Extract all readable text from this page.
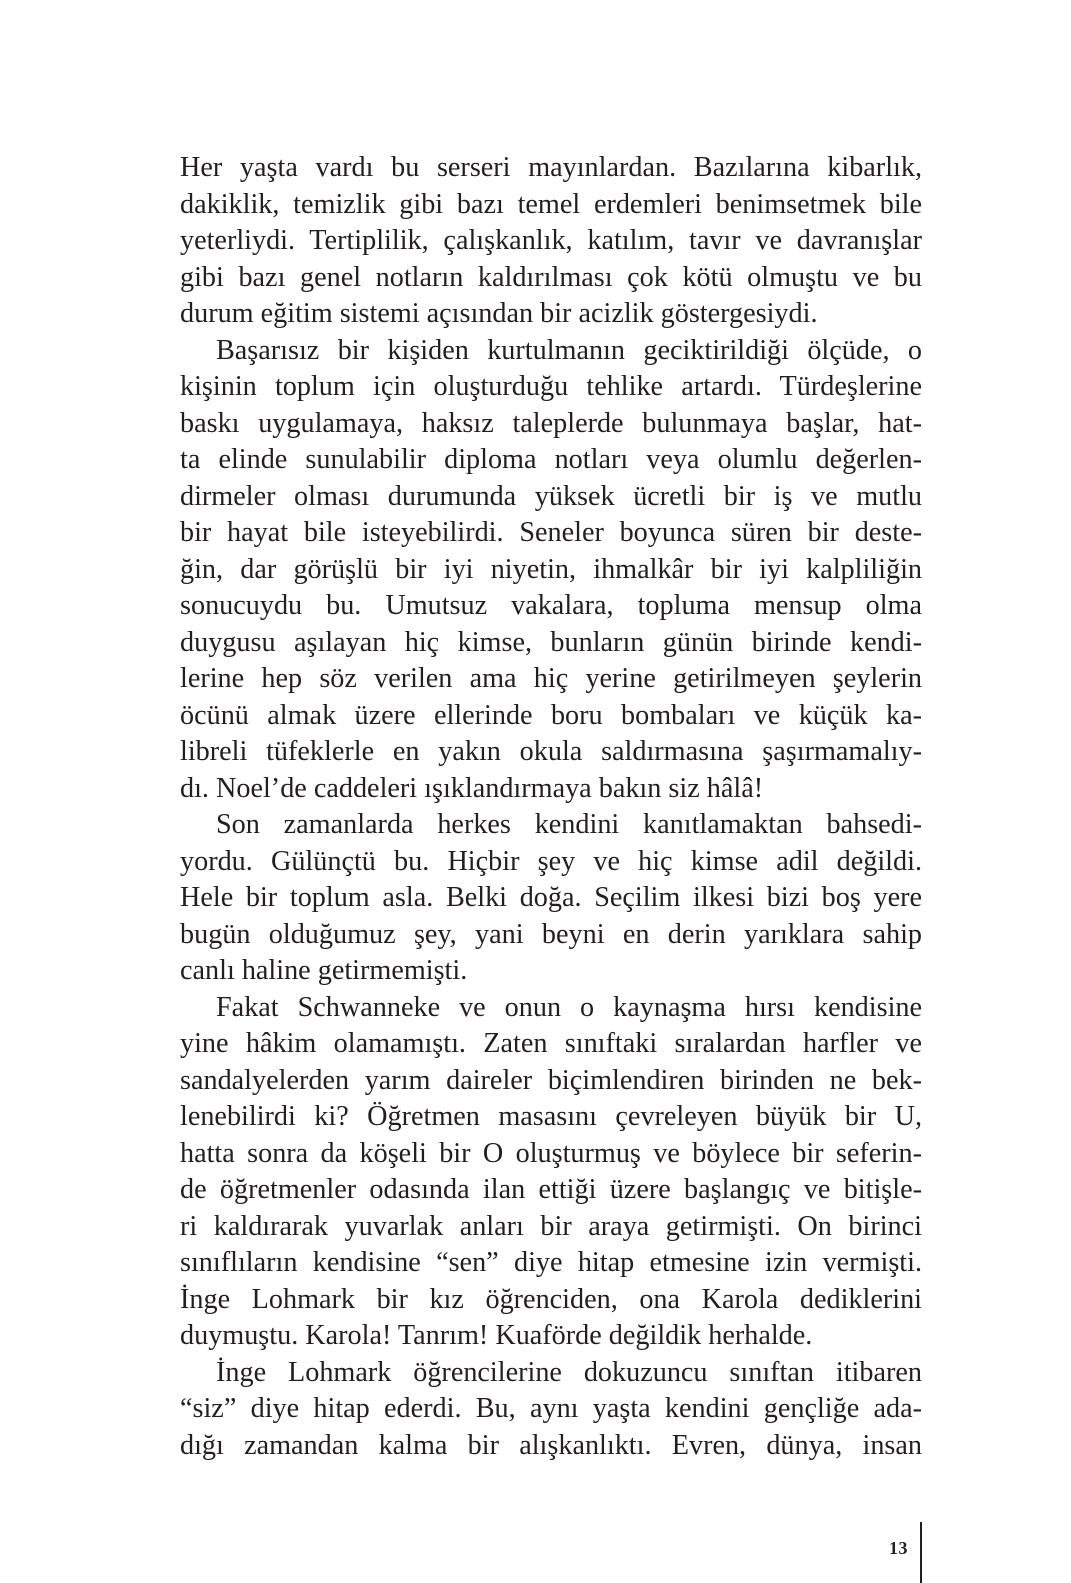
Her yaşta vardı bu serseri mayınlardan. Bazılarına kibarlık,
dakiklik, temizlik gibi bazı temel erdemleri benimsetmek bile
yeterliydi. Tertiplilik, çalışkanlık, katılım, tavır ve davranışlar
gibi bazı genel notların kaldırılması çok kötü olmuştu ve bu
durum eğitim sistemi açısından bir acizlik göstergesiydi.
Başarısız bir kişiden kurtulmanın geciktirildiği ölçüde, o
kişinin toplum için oluşturduğu tehlike artardı. Türdeşlerine
baskı uygulamaya, haksız taleplerde bulunmaya başlar, hat-
ta elinde sunulabilir diploma notları veya olumlu değerlen-
dirmeler olması durumunda yüksek ücretli bir iş ve mutlu
bir hayat bile isteyebilirdi. Seneler boyunca süren bir deste-
ğin, dar görüşlü bir iyi niyetin, ihmalkâr bir iyi kalpliliğin
sonucuydu bu. Umutsuz vakalara, topluma mensup olma
duygusu aşılayan hiç kimse, bunların günün birinde kendi-
lerine hep söz verilen ama hiç yerine getirilmeyen şeylerin
öcünü almak üzere ellerinde boru bombaları ve küçük ka-
libreli tüfeklerle en yakın okula saldırmasına şaşırmamalıy-
dı. Noel’de caddeleri ışıklandırmaya bakın siz hâlâ!
Son zamanlarda herkes kendini kanıtlamaktan bahsedi-
yordu. Gülünçtü bu. Hiçbir şey ve hiç kimse adil değildi.
Hele bir toplum asla. Belki doğa. Seçilim ilkesi bizi boş yere
bugün olduğumuz şey, yani beyni en derin yarıklara sahip
canlı haline getirmemişti.
Fakat Schwanneke ve onun o kaynaşma hırsı kendisine
yine hâkim olamamıştı. Zaten sınıftaki sıralardan harfler ve
sandalyelerden yarım daireler biçimlendiren birinden ne bek-
lenebilirdi ki? Öğretmen masasını çevreleyen büyük bir U,
hatta sonra da köşeli bir O oluşturmuş ve böylece bir seferin-
de öğretmenler odasında ilan ettiği üzere başlangıç ve bitişle-
ri kaldırarak yuvarlak anları bir araya getirmişti. On birinci
sınıflıların kendisine “sen” diye hitap etmesine izin vermişti.
İnge Lohmark bir kız öğrenciden, ona Karola dediklerini
duymuştu. Karola! Tanrım! Kuaförde değildik herhalde.
İnge Lohmark öğrencilerine dokuzuncu sınıftan itibaren
“siz” diye hitap ederdi. Bu, aynı yaşta kendini gençliğe ada-
dığı zamandan kalma bir alışkanlıktı. Evren, dünya, insan
13
